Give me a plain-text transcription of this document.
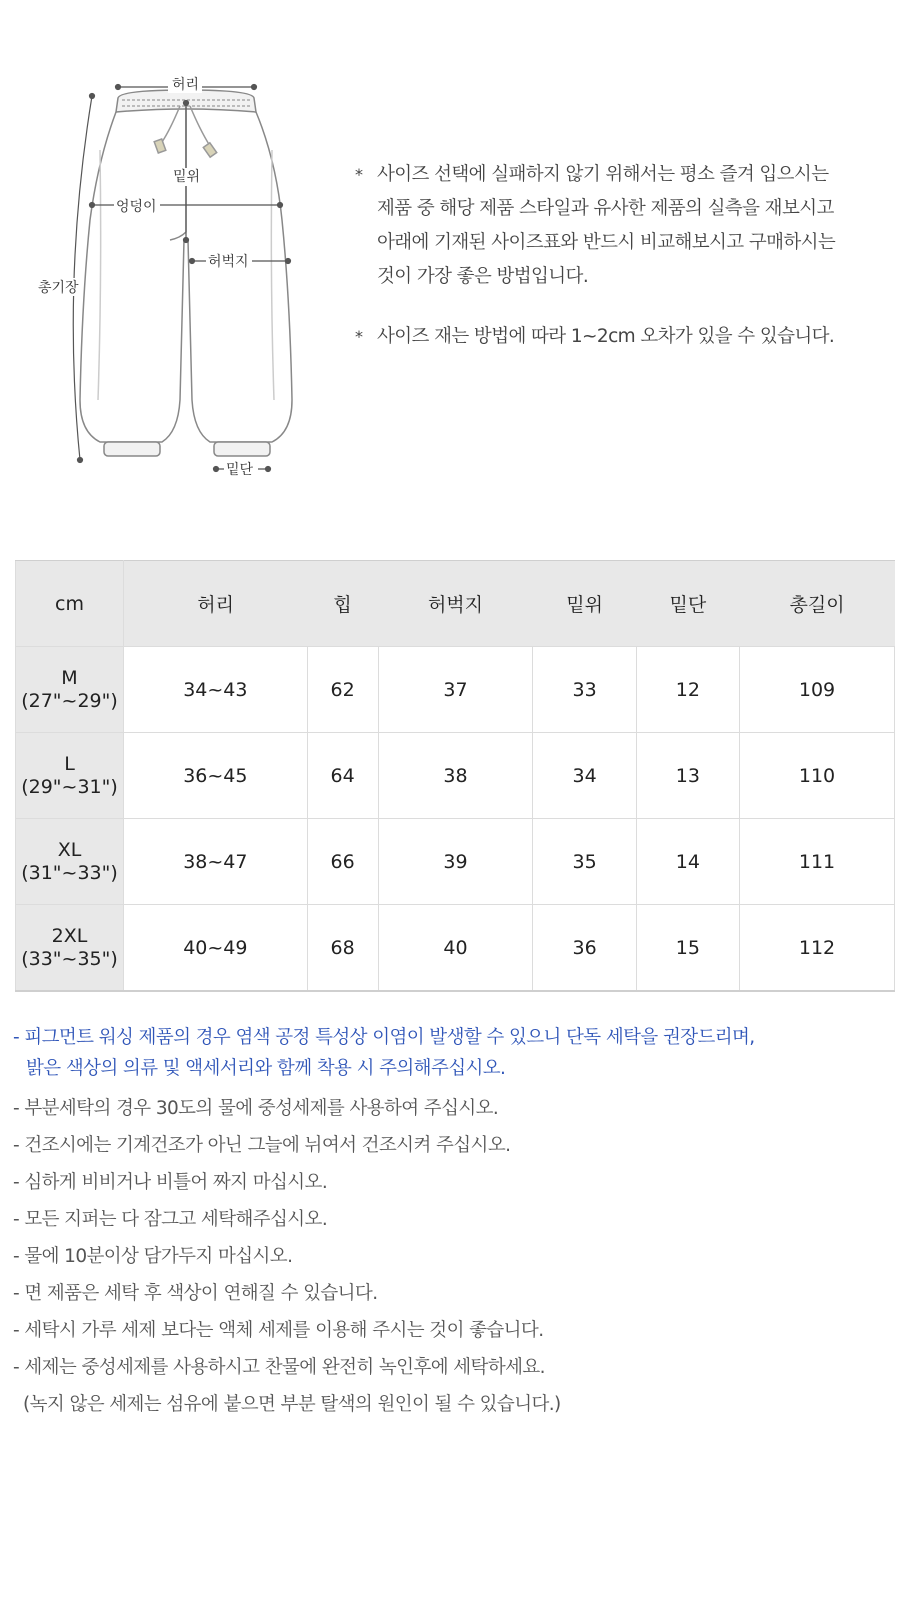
허리
밑위
엉덩이
허벅지
총기장
밑단
* 사이즈 선택에 실패하지 않기 위해서는 평소 즐겨 입으시는
제품 중 해당 제품 스타일과 유사한 제품의 실측을 재보시고
아래에 기재된 사이즈표와 반드시 비교해보시고 구매하시는
것이 가장 좋은 방법입니다.
* 사이즈 재는 방법에 따라 1~2cm 오차가 있을 수 있습니다.
cm	허리	힙	허벅지	밑위	밑단	총길이

M
(27"~29")	34~43	62	37	33	12	109

L
(29"~31")	36~45	64	38	34	13	110

XL
(31"~33")	38~47	66	39	35	14	111

2XL
(33"~35")	40~49	68	40	36	15	112
- 피그먼트 워싱 제품의 경우 염색 공정 특성상 이염이 발생할 수 있으니 단독 세탁을 권장드리며,
밝은 색상의 의류 및 액세서리와 함께 착용 시 주의해주십시오.
- 부분세탁의 경우 30도의 물에 중성세제를 사용하여 주십시오.
- 건조시에는 기계건조가 아닌 그늘에 뉘여서 건조시켜 주십시오.
- 심하게 비비거나 비틀어 짜지 마십시오.
- 모든 지퍼는 다 잠그고 세탁해주십시오.
- 물에 10분이상 담가두지 마십시오.
- 면 제품은 세탁 후 색상이 연해질 수 있습니다.
- 세탁시 가루 세제 보다는 액체 세제를 이용해 주시는 것이 좋습니다.
- 세제는 중성세제를 사용하시고 찬물에 완전히 녹인후에 세탁하세요.
(녹지 않은 세제는 섬유에 붙으면 부분 탈색의 원인이 될 수 있습니다.)
